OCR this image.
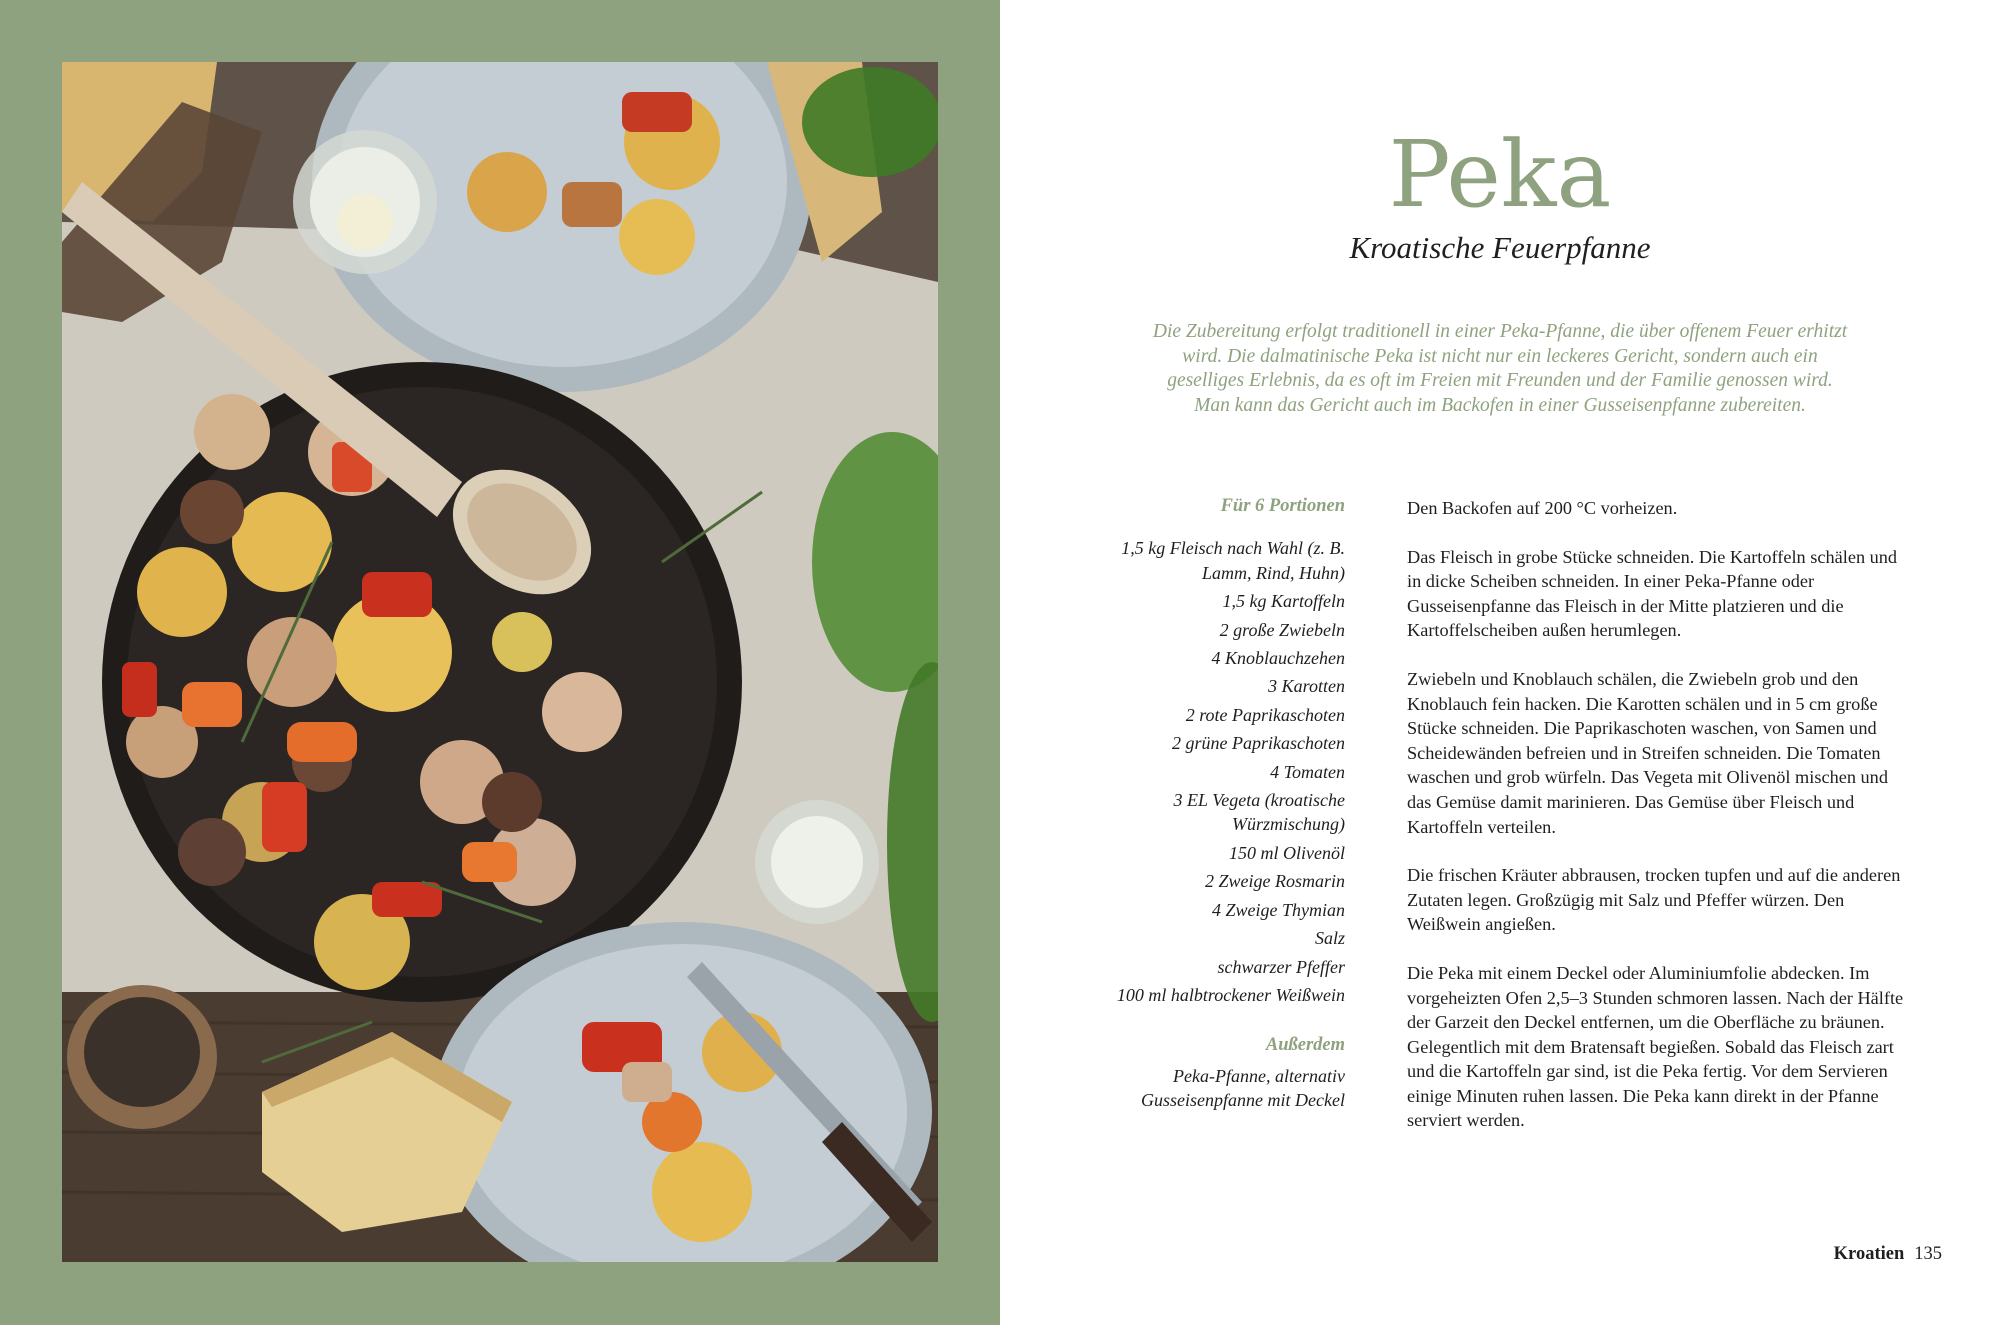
Peka
Kroatische Feuerpfanne
Die Zubereitung erfolgt traditionell in einer Peka-Pfanne, die über offenem Feuer erhitzt wird. Die dalmatinische Peka ist nicht nur ein leckeres Gericht, sondern auch ein geselliges Erlebnis, da es oft im Freien mit Freunden und der Familie genossen wird. Man kann das Gericht auch im Backofen in einer Gusseisenpfanne zubereiten.
Für 6 Portionen
1,5 kg Fleisch nach Wahl (z. B. Lamm, Rind, Huhn)
1,5 kg Kartoffeln
2 große Zwiebeln
4 Knoblauchzehen
3 Karotten
2 rote Paprikaschoten
2 grüne Paprikaschoten
4 Tomaten
3 EL Vegeta (kroatische Würzmischung)
150 ml Olivenöl
2 Zweige Rosmarin
4 Zweige Thymian
Salz
schwarzer Pfeffer
100 ml halbtrockener Weißwein
Außerdem
Peka-Pfanne, alternativ Gusseisenpfanne mit Deckel

Den Backofen auf 200 °C vorheizen.

Das Fleisch in grobe Stücke schneiden. Die Kartoffeln schälen und in dicke Scheiben schneiden. In einer Peka-Pfanne oder Gusseisenpfanne das Fleisch in der Mitte platzieren und die Kartoffelscheiben außen herumlegen.

Zwiebeln und Knoblauch schälen, die Zwiebeln grob und den Knoblauch fein hacken. Die Karotten schälen und in 5 cm große Stücke schneiden. Die Paprikaschoten waschen, von Samen und Scheidewänden befreien und in Streifen schneiden. Die Tomaten waschen und grob würfeln. Das Vegeta mit Olivenöl mischen und das Gemüse damit marinieren. Das Gemüse über Fleisch und Kartoffeln verteilen.

Die frischen Kräuter abbrausen, trocken tupfen und auf die anderen Zutaten legen. Großzügig mit Salz und Pfeffer würzen. Den Weißwein angießen.

Die Peka mit einem Deckel oder Aluminiumfolie abdecken. Im vorgeheizten Ofen 2,5–3 Stunden schmoren lassen. Nach der Hälfte der Garzeit den Deckel entfernen, um die Oberfläche zu bräunen. Gelegentlich mit dem Bratensaft begießen. Sobald das Fleisch zart und die Kartoffeln gar sind, ist die Peka fertig. Vor dem Servieren einige Minuten ruhen lassen. Die Peka kann direkt in der Pfanne serviert werden.

Kroatien 135
